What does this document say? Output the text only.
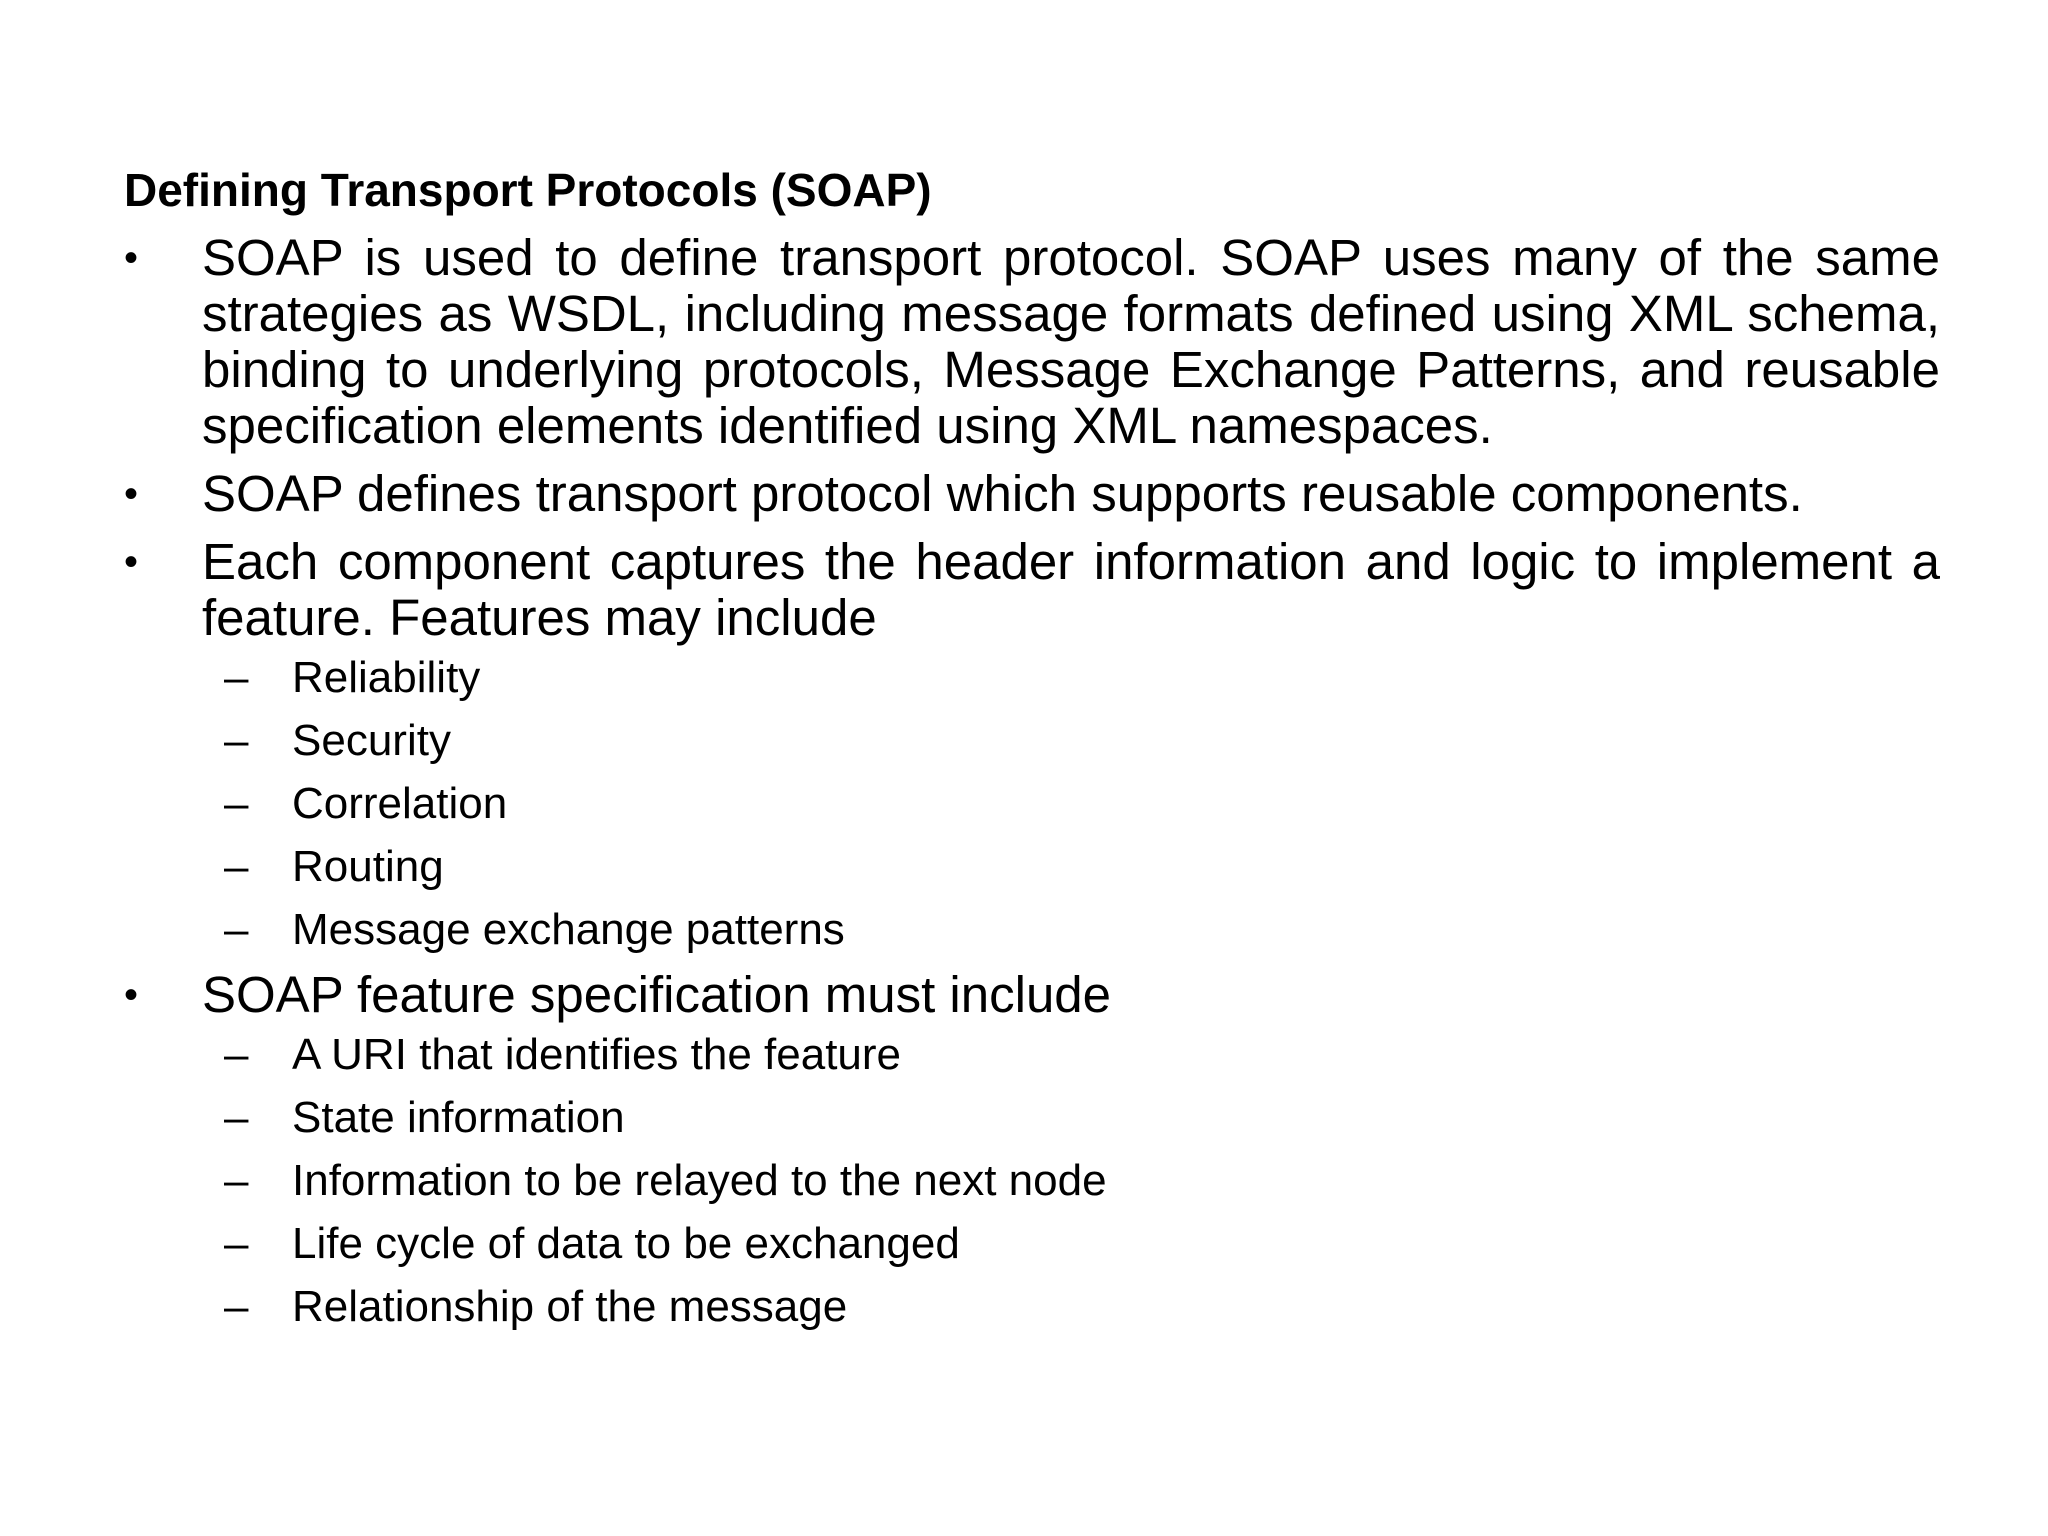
Defining Transport Protocols (SOAP)
• SOAP is used to define transport protocol. SOAP uses many of the same strategies as WSDL, including message formats defined using XML schema, binding to underlying protocols, Message Exchange Patterns, and reusable specification elements identified using XML namespaces.
• SOAP defines transport protocol which supports reusable components.
• Each component captures the header information and logic to implement a feature. Features may include
– Reliability
– Security
– Correlation
– Routing
– Message exchange patterns
• SOAP feature specification must include
– A URI that identifies the feature
– State information
– Information to be relayed to the next node
– Life cycle of data to be exchanged
– Relationship of the message
